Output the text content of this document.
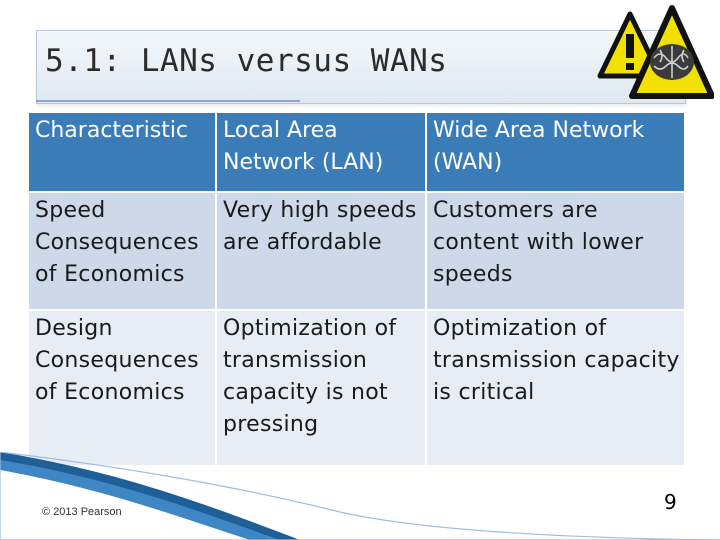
5.1: LANs versus WANs
Characteristic	Local Area Network (LAN)	Wide Area Network (WAN)
Speed Consequences of Economics	Very high speeds are affordable	Customers are content with lower speeds
Design Consequences of Economics	Optimization of transmission capacity is not pressing	Optimization of transmission capacity is critical
© 2013 Pearson	9
